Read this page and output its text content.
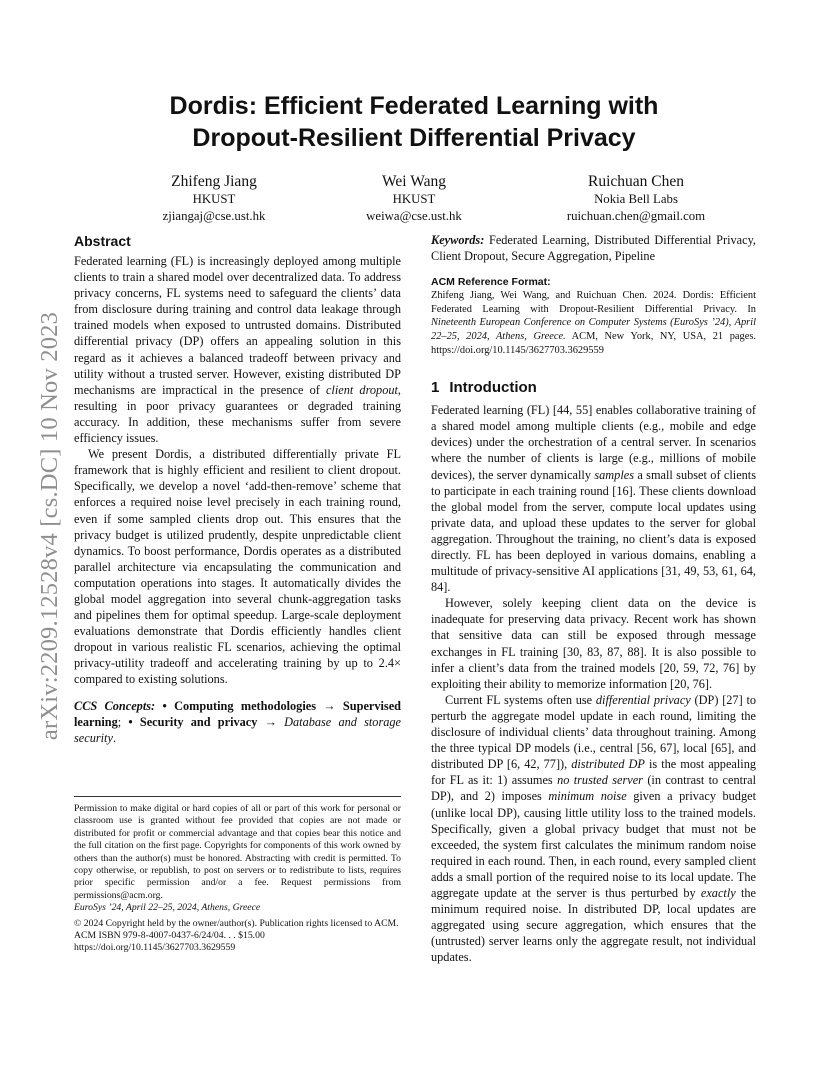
arXiv:2209.12528v4 [cs.DC] 10 Nov 2023
Dordis: Efficient Federated Learning with
Dropout-Resilient Differential Privacy
Zhifeng Jiang
HKUST
zjiangaj@cse.ust.hk
Wei Wang
HKUST
weiwa@cse.ust.hk
Ruichuan Chen
Nokia Bell Labs
ruichuan.chen@gmail.com
Abstract

Federated learning (FL) is increasingly deployed among multiple clients to train a shared model over decentralized data. To address privacy concerns, FL systems need to safeguard the clients’ data from disclosure during training and control data leakage through trained models when exposed to untrusted domains. Distributed differential privacy (DP) offers an appealing solution in this regard as it achieves a balanced tradeoff between privacy and utility without a trusted server. However, existing distributed DP mechanisms are impractical in the presence of client dropout, resulting in poor privacy guarantees or degraded training accuracy. In addition, these mechanisms suffer from severe efficiency issues.

We present Dordis, a distributed differentially private FL framework that is highly efficient and resilient to client dropout. Specifically, we develop a novel ‘add-then-remove’ scheme that enforces a required noise level precisely in each training round, even if some sampled clients drop out. This ensures that the privacy budget is utilized prudently, despite unpredictable client dynamics. To boost performance, Dordis operates as a distributed parallel architecture via encapsulating the communication and computation operations into stages. It automatically divides the global model aggregation into several chunk-aggregation tasks and pipelines them for optimal speedup. Large-scale deployment evaluations demonstrate that Dordis efficiently handles client dropout in various realistic FL scenarios, achieving the optimal privacy-utility tradeoff and accelerating training by up to 2.4× compared to existing solutions.

CCS Concepts: • Computing methodologies → Supervised learning; • Security and privacy → Database and storage security.

Permission to make digital or hard copies of all or part of this work for personal or classroom use is granted without fee provided that copies are not made or distributed for profit or commercial advantage and that copies bear this notice and the full citation on the first page. Copyrights for components of this work owned by others than the author(s) must be honored. Abstracting with credit is permitted. To copy otherwise, or republish, to post on servers or to redistribute to lists, requires prior specific permission and/or a fee. Request permissions from permissions@acm.org.

EuroSys ’24, April 22–25, 2024, Athens, Greece

© 2024 Copyright held by the owner/author(s). Publication rights licensed to ACM.

ACM ISBN 979-8-4007-0437-6/24/04. . . $15.00

https://doi.org/10.1145/3627703.3629559

Keywords: Federated Learning, Distributed Differential Privacy, Client Dropout, Secure Aggregation, Pipeline

ACM Reference Format:
Zhifeng Jiang, Wei Wang, and Ruichuan Chen. 2024. Dordis: Efficient Federated Learning with Dropout-Resilient Differential Privacy. In Nineteenth European Conference on Computer Systems (EuroSys ’24), April 22–25, 2024, Athens, Greece. ACM, New York, NY, USA, 21 pages. https://doi.org/10.1145/3627703.3629559
1 Introduction

Federated learning (FL) [44, 55] enables collaborative training of a shared model among multiple clients (e.g., mobile and edge devices) under the orchestration of a central server. In scenarios where the number of clients is large (e.g., millions of mobile devices), the server dynamically samples a small subset of clients to participate in each training round [16]. These clients download the global model from the server, compute local updates using private data, and upload these updates to the server for global aggregation. Throughout the training, no client’s data is exposed directly. FL has been deployed in various domains, enabling a multitude of privacy-sensitive AI applications [31, 49, 53, 61, 64, 84].

However, solely keeping client data on the device is inadequate for preserving data privacy. Recent work has shown that sensitive data can still be exposed through message exchanges in FL training [30, 83, 87, 88]. It is also possible to infer a client’s data from the trained models [20, 59, 72, 76] by exploiting their ability to memorize information [20, 76].

Current FL systems often use differential privacy (DP) [27] to perturb the aggregate model update in each round, limiting the disclosure of individual clients’ data throughout training. Among the three typical DP models (i.e., central [56, 67], local [65], and distributed DP [6, 42, 77]), distributed DP is the most appealing for FL as it: 1) assumes no trusted server (in contrast to central DP), and 2) imposes minimum noise given a privacy budget (unlike local DP), causing little utility loss to the trained models. Specifically, given a global privacy budget that must not be exceeded, the system first calculates the minimum random noise required in each round. Then, in each round, every sampled client adds a small portion of the required noise to its local update. The aggregate update at the server is thus perturbed by exactly the minimum required noise. In distributed DP, local updates are aggregated using secure aggregation, which ensures that the (untrusted) server learns only the aggregate result, not individual updates.
